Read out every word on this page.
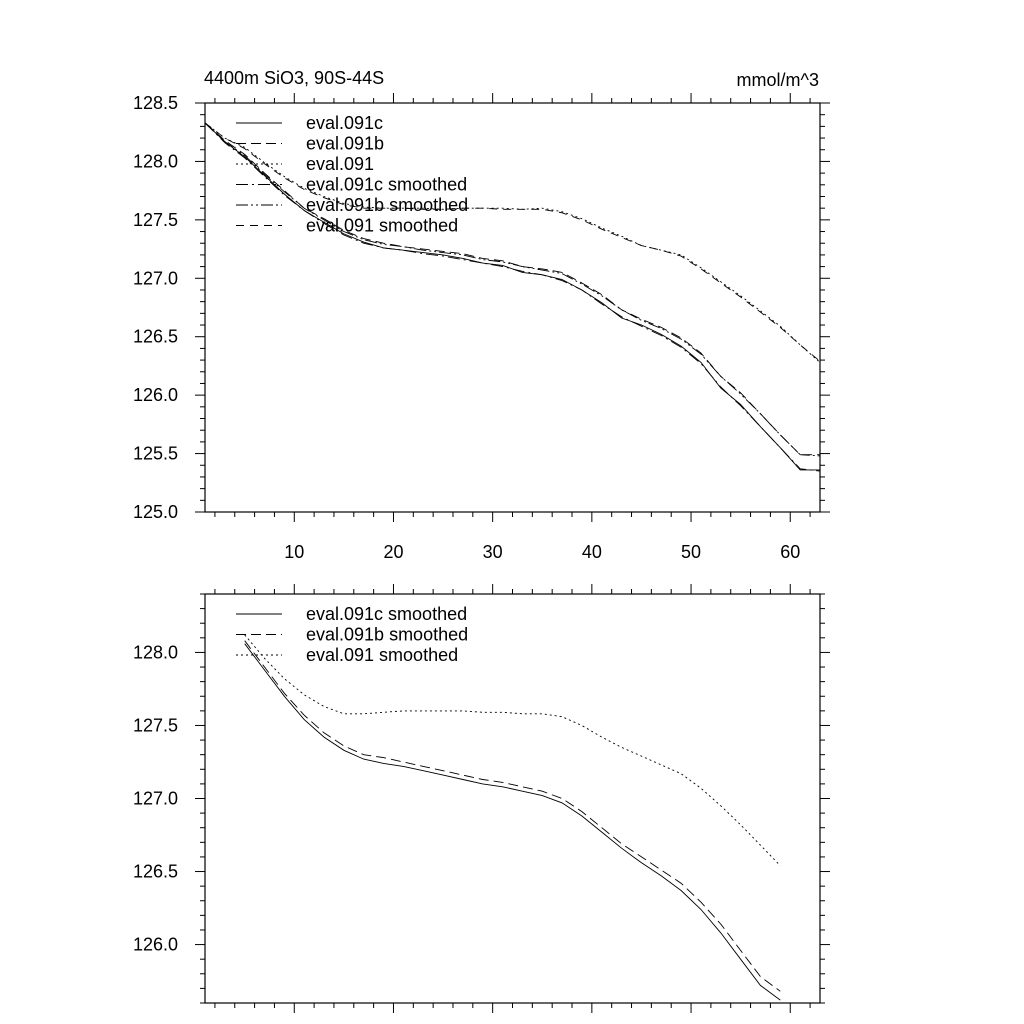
4400m SiO3, 90S-44S	mmol/m^3
10	20	30	40	50	60
125.0
125.5
126.0
126.5
127.0
127.5
128.0
128.5
eval.091c
eval.091b
eval.091
eval.091c smoothed
eval.091b smoothed
eval.091 smoothed
126.0
126.5
127.0
127.5
128.0
eval.091c smoothed
eval.091b smoothed
eval.091 smoothed
